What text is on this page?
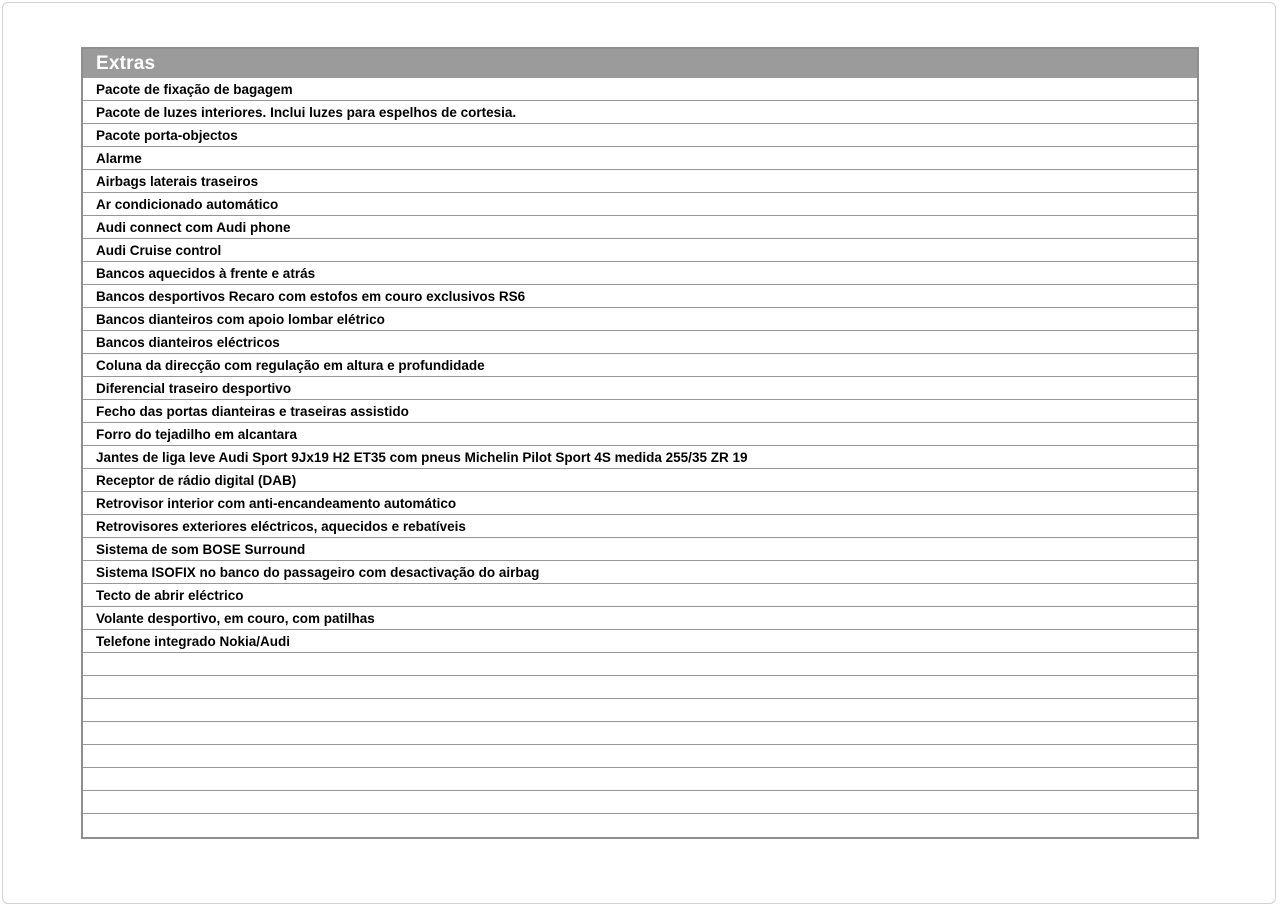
Extras
Pacote de fixação de bagagem
Pacote de luzes interiores. Inclui luzes para espelhos de cortesia.
Pacote porta-objectos
Alarme
Airbags laterais traseiros
Ar condicionado automático
Audi connect com Audi phone
Audi Cruise control
Bancos aquecidos à frente e atrás
Bancos desportivos Recaro com estofos em couro exclusivos RS6
Bancos dianteiros com apoio lombar elétrico
Bancos dianteiros eléctricos
Coluna da direcção com regulação em altura e profundidade
Diferencial traseiro desportivo
Fecho das portas dianteiras e traseiras assistido
Forro do tejadilho em alcantara
Jantes de liga leve Audi Sport 9Jx19 H2 ET35 com pneus Michelin Pilot Sport 4S medida 255/35 ZR 19
Receptor de rádio digital (DAB)
Retrovisor interior com anti-encandeamento automático
Retrovisores exteriores eléctricos, aquecidos e rebatíveis
Sistema de som BOSE Surround
Sistema ISOFIX no banco do passageiro com desactivação do airbag
Tecto de abrir eléctrico
Volante desportivo, em couro, com patilhas
Telefone integrado Nokia/Audi
